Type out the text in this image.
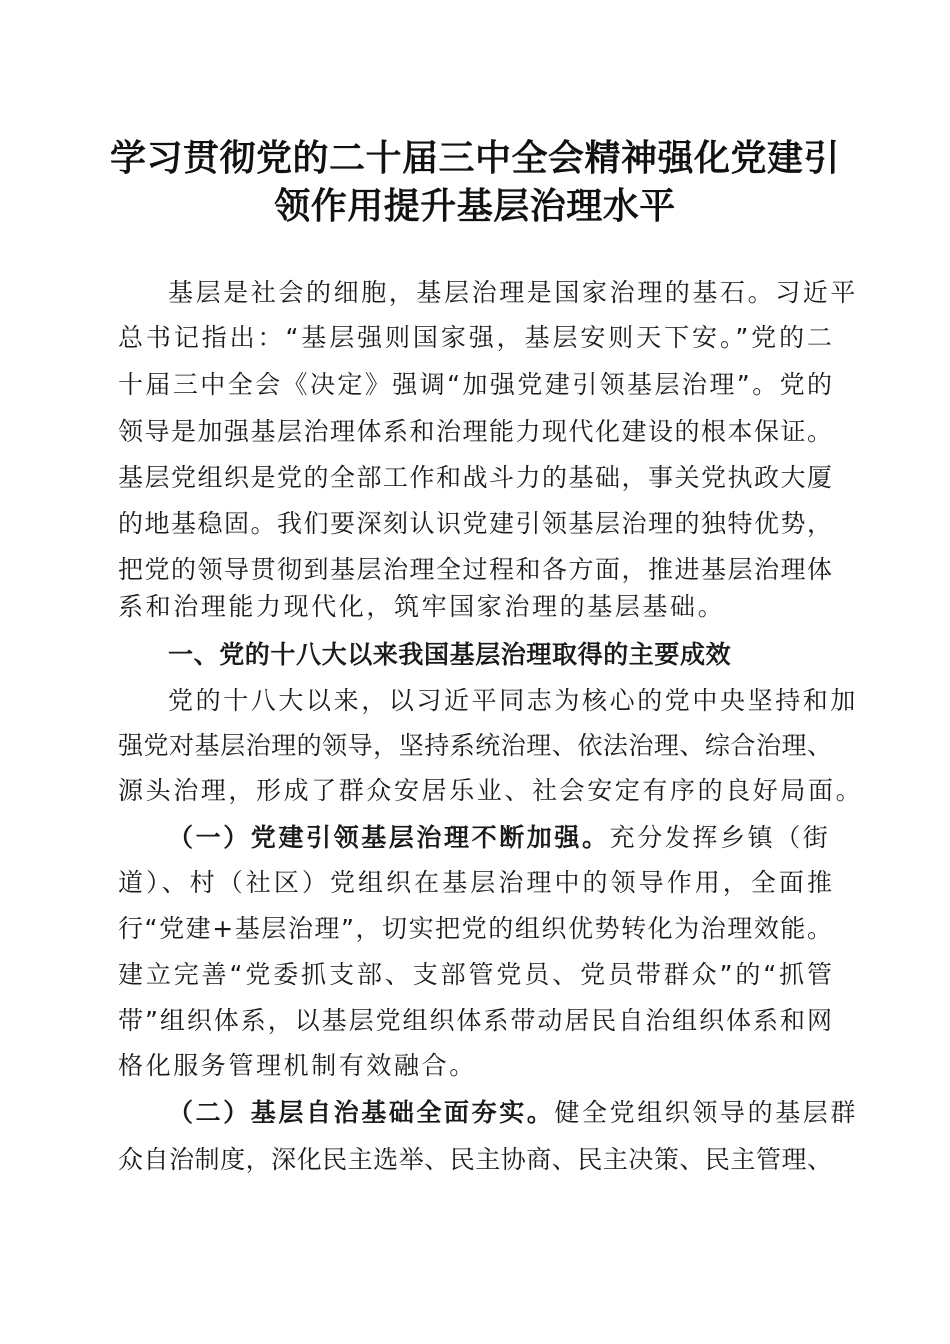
学习贯彻党的二十届三中全会精神强化党建引
领作用提升基层治理水平
基层是社会的细胞，基层治理是国家治理的基石。习近平
总书记指出：“基层强则国家强，基层安则天下安。”党的二
十届三中全会《决定》强调“加强党建引领基层治理”。党的
领导是加强基层治理体系和治理能力现代化建设的根本保证。
基层党组织是党的全部工作和战斗力的基础，事关党执政大厦
的地基稳固。我们要深刻认识党建引领基层治理的独特优势，
把党的领导贯彻到基层治理全过程和各方面，推进基层治理体
系和治理能力现代化，筑牢国家治理的基层基础。
一、党的十八大以来我国基层治理取得的主要成效
党的十八大以来，以习近平同志为核心的党中央坚持和加
强党对基层治理的领导，坚持系统治理、依法治理、综合治理、
源头治理，形成了群众安居乐业、社会安定有序的良好局面。
（一）党建引领基层治理不断加强。充分发挥乡镇（街
道）、村（社区）党组织在基层治理中的领导作用，全面推
行“党建+基层治理”，切实把党的组织优势转化为治理效能。
建立完善“党委抓支部、支部管党员、党员带群众”的“抓管
带”组织体系，以基层党组织体系带动居民自治组织体系和网
格化服务管理机制有效融合。
（二）基层自治基础全面夯实。健全党组织领导的基层群
众自治制度，深化民主选举、民主协商、民主决策、民主管理、
